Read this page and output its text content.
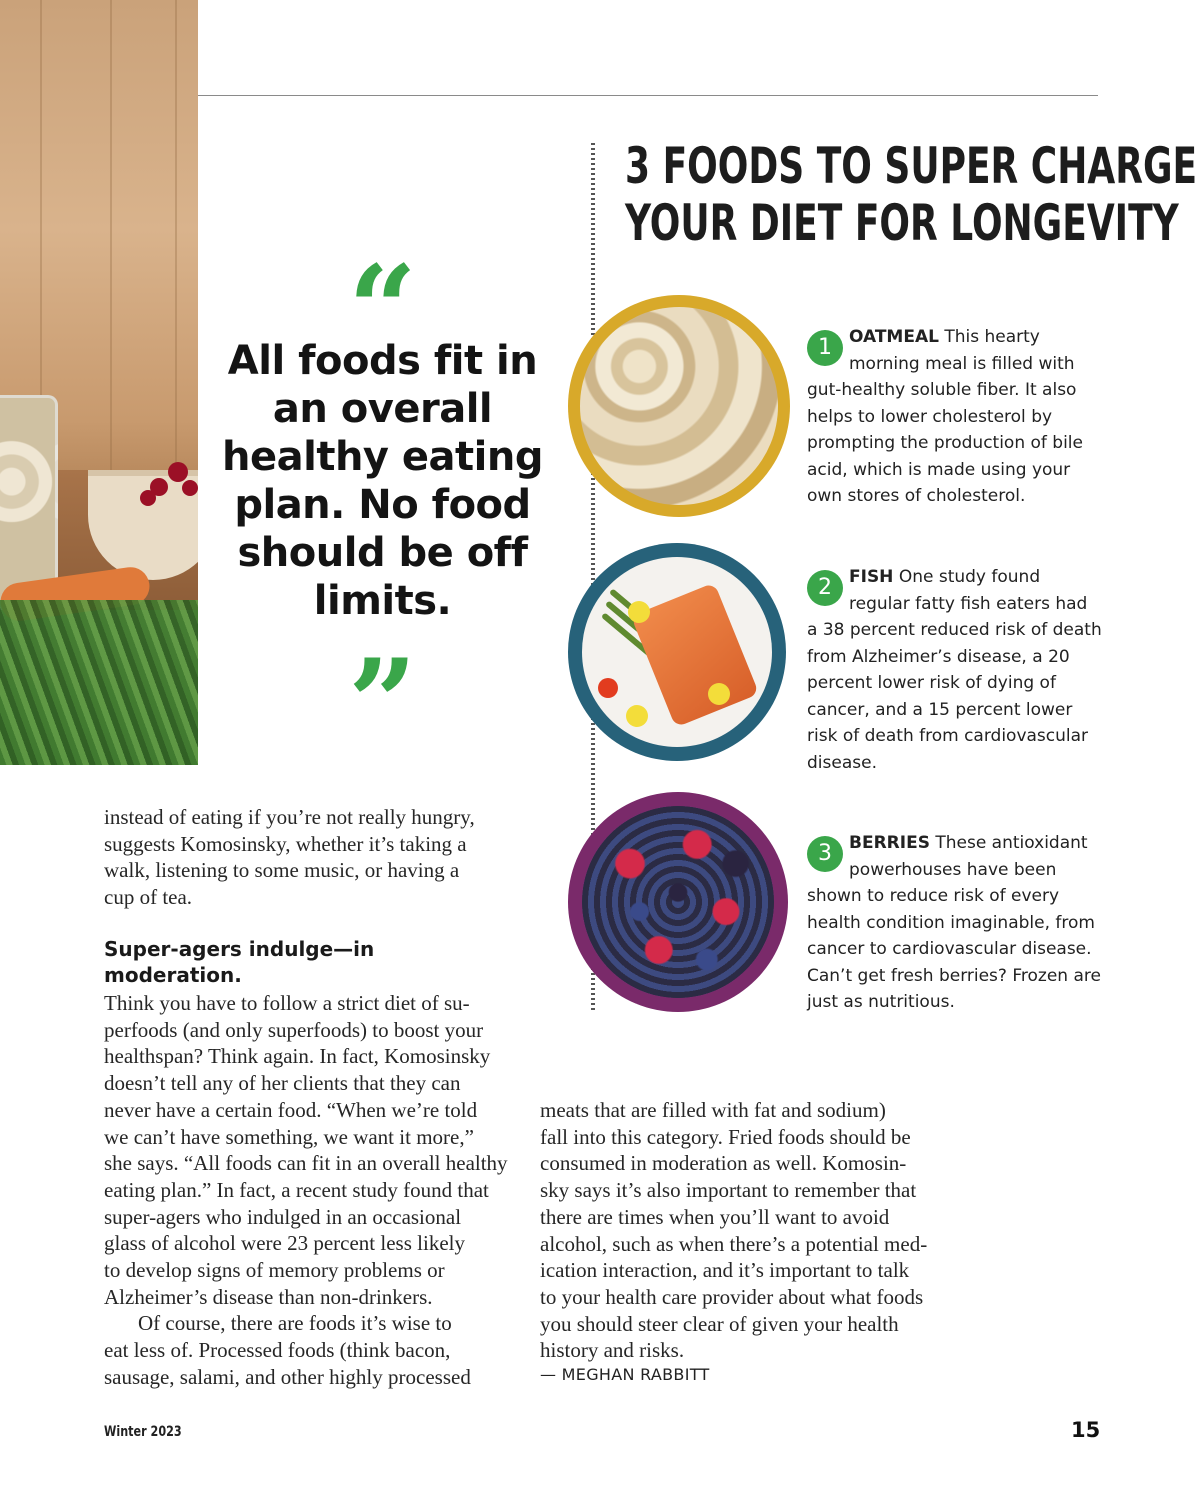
“
All foods fit in an overall healthy eating plan. No food should be off limits.
”
3 FOODS TO SUPER CHARGE
YOUR DIET FOR LONGEVITY
1	OATMEAL This hearty morning meal is filled with gut-healthy soluble fiber. It also helps to lower cholesterol by prompting the production of bile acid, which is made using your own stores of cholesterol.
2	FISH One study found regular fatty fish eaters had a 38 percent reduced risk of death from Alzheimer’s disease, a 20 percent lower risk of dying of cancer, and a 15 percent lower risk of death from cardiovascular disease.
3	BERRIES These antioxidant powerhouses have been shown to reduce risk of every health condition imaginable, from cancer to cardiovascular disease. Can’t get fresh berries? Frozen are just as nutritious.
instead of eating if you’re not really hungry,
suggests Komosinsky, whether it’s taking a
walk, listening to some music, or having a
cup of tea.
Super-agers indulge—in
moderation.
Think you have to follow a strict diet of su-
perfoods (and only superfoods) to boost your
healthspan? Think again. In fact, Komosinsky
doesn’t tell any of her clients that they can
never have a certain food. “When we’re told
we can’t have something, we want it more,”
she says. “All foods can fit in an overall healthy
eating plan.” In fact, a recent study found that
super-agers who indulged in an occasional
glass of alcohol were 23 percent less likely
to develop signs of memory problems or
Alzheimer’s disease than non-drinkers.
Of course, there are foods it’s wise to
eat less of. Processed foods (think bacon,
sausage, salami, and other highly processed
meats that are filled with fat and sodium)
fall into this category. Fried foods should be
consumed in moderation as well. Komosin-
sky says it’s also important to remember that
there are times when you’ll want to avoid
alcohol, such as when there’s a potential med-
ication interaction, and it’s important to talk
to your health care provider about what foods
you should steer clear of given your health
history and risks.
— MEGHAN RABBITT
Winter 2023	15
